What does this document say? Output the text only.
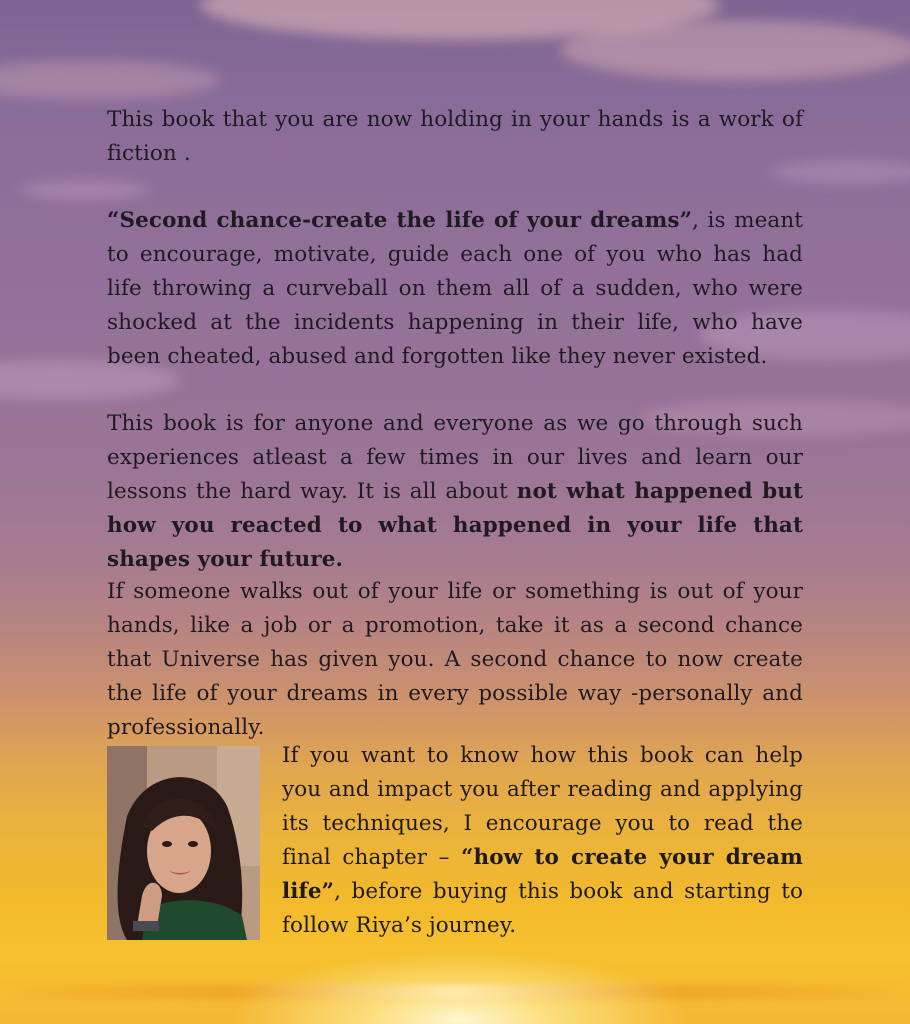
This book that you are now holding in your hands is a work of fiction .

“Second chance-create the life of your dreams”, is meant to encourage, motivate, guide each one of you who has had life throwing a curveball on them all of a sudden, who were shocked at the incidents happening in their life, who have been cheated, abused and forgotten like they never existed.

This book is for anyone and everyone as we go through such experiences atleast a few times in our lives and learn our lessons the hard way. It is all about not what happened but how you reacted to what happened in your life that shapes your future.

If someone walks out of your life or something is out of your hands, like a job or a promotion, take it as a second chance that Universe has given you. A second chance to now create the life of your dreams in every possible way -personally and professionally.

If you want to know how this book can help you and impact you after reading and applying its techniques, I encourage you to read the final chapter – “how to create your dream life”, before buying this book and starting to follow Riya’s journey.
